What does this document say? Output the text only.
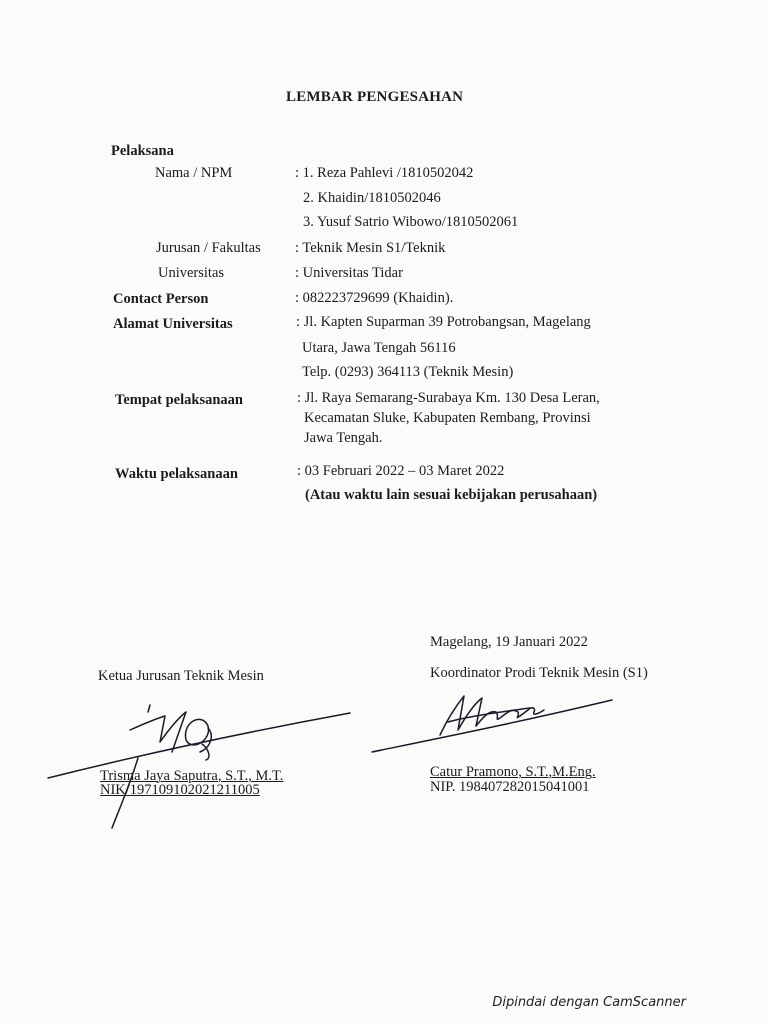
LEMBAR PENGESAHAN
Pelaksana
Nama / NPM	: 1. Reza Pahlevi /1810502042
2. Khaidin/1810502046
3. Yusuf Satrio Wibowo/1810502061
Jurusan / Fakultas : Teknik Mesin S1/Teknik
Universitas	: Universitas Tidar
Contact Person	: 082223729699 (Khaidin).
Alamat Universitas	: Jl. Kapten Suparman 39 Potrobangsan, Magelang
Utara, Jawa Tengah 56116
Telp. (0293) 364113 (Teknik Mesin)
Tempat pelaksanaan	: Jl. Raya Semarang-Surabaya Km. 130 Desa Leran,
Kecamatan Sluke, Kabupaten Rembang, Provinsi
Jawa Tengah.
Waktu pelaksanaan	: 03 Februari 2022 – 03 Maret 2022
(Atau waktu lain sesuai kebijakan perusahaan)
Magelang, 19 Januari 2022
Ketua Jurusan Teknik Mesin	Koordinator Prodi Teknik Mesin (S1)
Trisma Jaya Saputra, S.T., M.T.
NIK/197109102021211005
Catur Pramono, S.T.,M.Eng.
NIP. 198407282015041001
Dipindai dengan CamScanner
